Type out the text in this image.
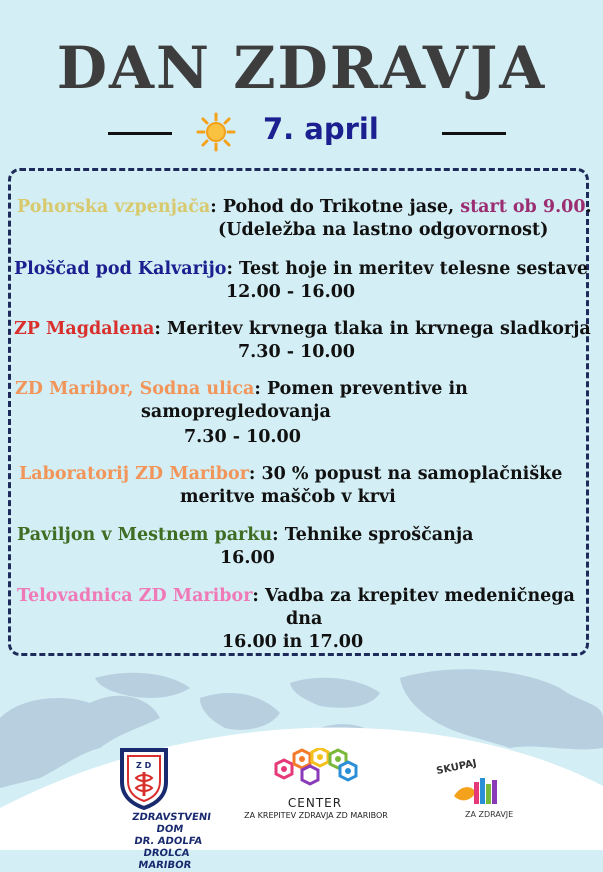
DAN ZDRAVJA
7. april
Pohorska vzpenjača: Pohod do Trikotne jase, start ob 9.00.
(Udeležba na lastno odgovornost)
Ploščad pod Kalvarijo: Test hoje in meritev telesne sestave
12.00 - 16.00
ZP Magdalena: Meritev krvnega tlaka in krvnega sladkorja
7.30 - 10.00
ZD Maribor, Sodna ulica: Pomen preventive in
samopregledovanja
7.30 - 10.00
Laboratorij ZD Maribor: 30 % popust na samoplačniške
meritve maščob v krvi
Paviljon v Mestnem parku: Tehnike sproščanja
16.00
Telovadnica ZD Maribor: Vadba za krepitev medeničnega
dna
16.00 in 17.00
Z D
ZDRAVSTVENI DOM
DR. ADOLFA DROLCA
MARIBOR
CENTER
ZA KREPITEV ZDRAVJA ZD MARIBOR
SKUPAJ
ZA ZDRAVJE
